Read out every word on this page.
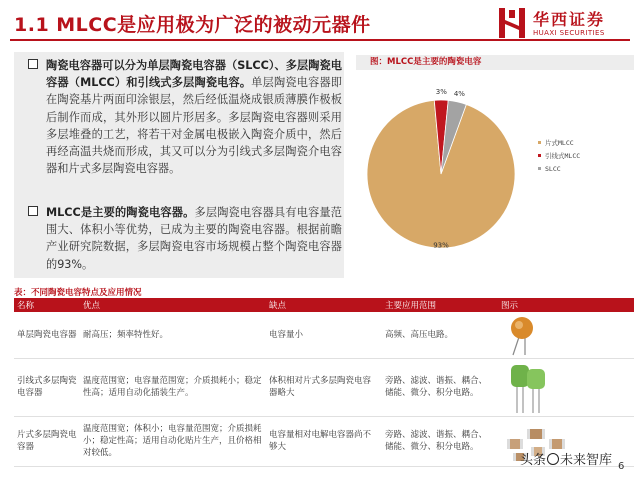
1.1 MLCC是应用极为广泛的被动元器件	华西证券
HUAXI SECURITIES
陶瓷电容器可以分为单层陶瓷电容器（SLCC）、多层陶瓷电容器（MLCC）和引线式多层陶瓷电容。单层陶瓷电容器即在陶瓷基片两面印涂银层，然后经低温烧成银质薄膜作极板后制作而成，其外形以圆片形居多。多层陶瓷电容器则采用多层堆叠的工艺，将若干对金属电极嵌入陶瓷介质中，然后再经高温共烧而形成，其又可以分为引线式多层陶瓷介电容器和片式多层陶瓷电容器。
MLCC是主要的陶瓷电容器。多层陶瓷电容器具有电容量范围大、体积小等优势，已成为主要的陶瓷电容器。根据前瞻产业研究院数据，多层陶瓷电容市场规模占整个陶瓷电容器的93%。
图：MLCC是主要的陶瓷电容
93%
3% 4%
片式MLCC
引线式MLCC
SLCC
表：不同陶瓷电容特点及应用情况
名称	优点	缺点	主要应用范围	图示
单层陶瓷电容器	耐高压；频率特性好。	电容量小	高频、高压电路。	

引线式多层陶瓷电容器	温度范围宽；电容量范围宽；介质损耗小；稳定性高；适用自动化插装生产。	体积相对片式多层陶瓷电容器略大	旁路、滤波、谐振、耦合、储能、微分、积分电路。	

片式多层陶瓷电容器	温度范围宽；体积小；电容量范围宽；介质损耗小；稳定性高；适用自动化贴片生产，且价格相对较低。	电容量相对电解电容器尚不够大	旁路、滤波、谐振、耦合、储能、微分、积分电路。	
头条 未来智库 6
